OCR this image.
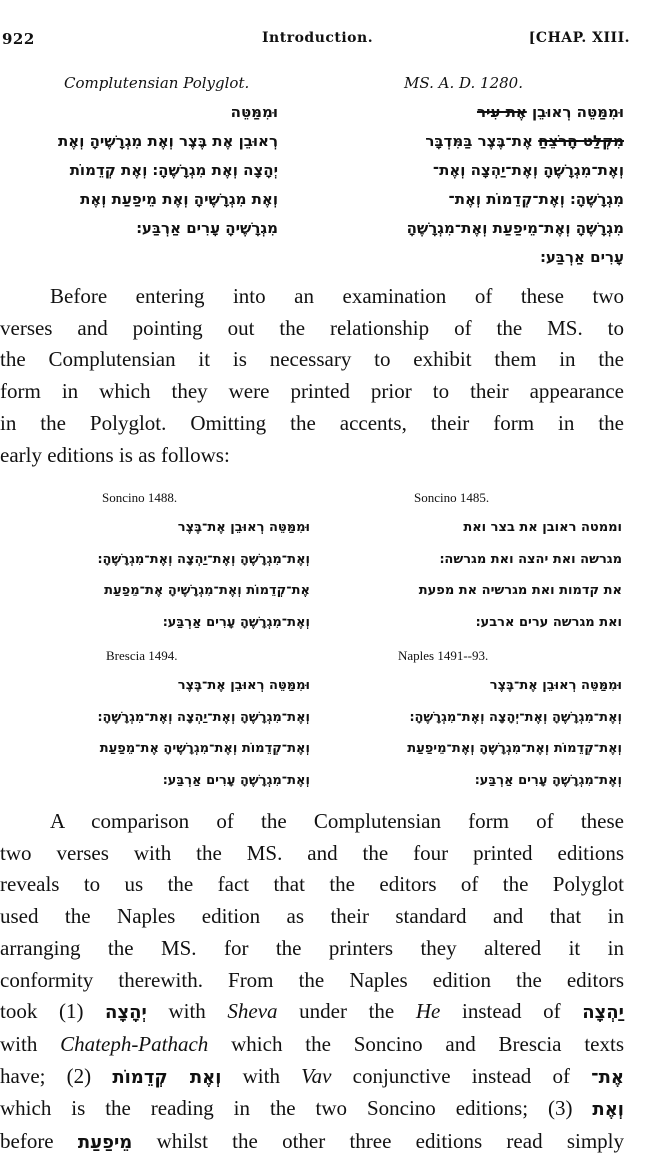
922	Introduction.	[CHAP. XIII.
Complutensian Polyglot.	MS. A. D. 1280.
וּמִמַּטֵּה
רְאוּבֵן אֶת בֶּצֶר וְאֶת מִגְרָשֶׁיהָ וְאֶת
יְהָצָה וְאֶת מִגְרָשֶׁהָ׃ וְאֶת קְדֵמוֹת
וְאֶת מִגְרָשֶׁיהָ וְאֶת מֵיפַעַת וְאֶת
מִגְרָשֶׁיהָ עָרִים אַרְבַּע׃
וּמִמַּטֵּה רְאוּבֵן אֶת עִיר
מִקְלַט הָרֹצֵחַ אֶת־בֶּצֶר בַּמִּדְבָּר
וְאֶת־מִגְרָשֶׁהָ וְאֶת־יַהְצָה וְאֶת־
מִגְרָשֶׁהָ׃ וְאֶת־קְדֵמוֹת וְאֶת־
מִגְרָשֶׁהָ וְאֶת־מֵיפַעַת וְאֶת־מִגְרָשֶׁהָ
עָרִים אַרְבַּע׃
Before entering into an examination of these two
verses and pointing out the relationship of the MS. to
the Complutensian it is necessary to exhibit them in the
form in which they were printed prior to their appearance
in the Polyglot. Omitting the accents, their form in the
early editions is as follows:
Soncino 1488.	Soncino 1485.
וּמִמַּטֵּה רְאוּבֵן אֶת־בֶּצֶר
וְאֶת־מִגְרָשֶׁהָ וְאֶת־יַהְצָה וְאֶת־מִגְרָשֶׁהָ׃
אֶת־קְדֵמוֹת וְאֶת־מִגְרָשֶׁיהָ אֶת־מֵפַעַת
וְאֶת־מִגְרָשֶׁהָ עָרִים אַרְבַּע׃
וממטה ראובן את בצר ואת
מגרשה ואת יהצה ואת מגרשה׃
את קדמות ואת מגרשיה את מפעת
ואת מגרשה ערים ארבע׃
Brescia 1494.	Naples 1491--93.
וּמִמַּטֵּה רְאוּבֵן אֶת־בֶּצֶר
וְאֶת־מִגְרָשֶׁהָ וְאֶת־יַהְצָה וְאֶת־מִגְרָשֶׁהָ׃
וְאֶת־קְדֵמוֹת וְאֶת־מִגְרָשֶׁיהָ אֶת־מֵפַעַת
וְאֶת־מִגְרָשֶׁהָ עָרִים אַרְבַּע׃
וּמִמַּטֵּה רְאוּבֵן אֶת־בֶּצֶר
וְאֶת־מִגְרָשֶׁהָ וְאֶת־יְהָצָה וְאֶת־מִגְרָשֶׁהָ׃
וְאֶת־קְדֵמוֹת וְאֶת־מִגְרָשֶׁהָ וְאֶת־מֵיפַעַת
וְאֶת־מִגְרָשֶׁהָ עָרִים אַרְבַּע׃
A comparison of the Complutensian form of these
two verses with the MS. and the four printed editions
reveals to us the fact that the editors of the Polyglot
used the Naples edition as their standard and that in
arranging the MS. for the printers they altered it in
conformity therewith. From the Naples edition the editors
took (1) יְהָצָה with Sheva under the He instead of יַהְצָה
with Chateph-Pathach which the Soncino and Brescia texts
have; (2) וְאֶת קְדֵמוֹת with Vav conjunctive instead of אֶת־
which is the reading in the two Soncino editions; (3) וְאֶת
before מֵיפַעַת whilst the other three editions read simply
